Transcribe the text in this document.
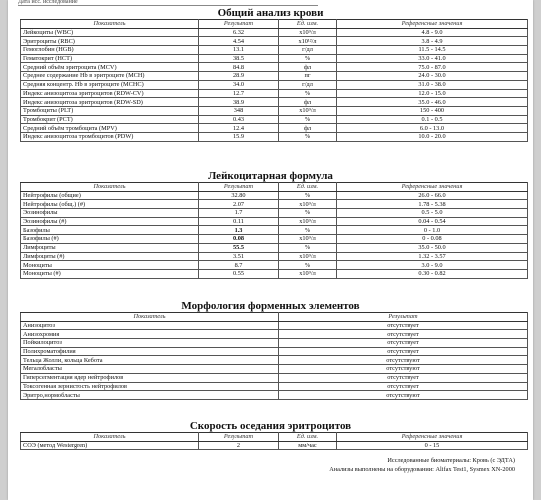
Дата исс. исследование
Общий анализ крови
Показатель	Результат	Ед. изм.	Референсные значения
Лейкоциты (WBC)	6.32	x10⁹/л	4.8 - 9.0
Эритроциты (RBC)	4.54	x10¹²/л	3.8 - 4.9
Гемоглобин (HGB)	13.1	г/дл	11.5 - 14.5
Гематокрит (HCT)	38.5	%	33.0 - 41.0
Средний объём эритроцита (MCV)	84.8	фл	75.0 - 87.0
Среднее содержание Hb в эритроците (MCH)	28.9	пг	24.0 - 30.0
Средняя концентр. Hb в эритроците (MCHC)	34.0	г/дл	31.0 - 38.0
Индекс анизоцитоза эритроцитов (RDW-CV)	12.7	%	12.0 - 15.0
Индекс анизоцитоза эритроцитов (RDW-SD)	38.9	фл	35.0 - 46.0
Тромбоциты (PLT)	348	x10⁹/л	150 - 400
Тромбокрит (PCT)	0.43	%	0.1 - 0.5
Средний объём тромбоцита (MPV)	12.4	фл	6.0 - 13.0
Индекс анизоцитоза тромбоцитов (PDW)	15.9	%	10.0 - 20.0
Лейкоцитарная формула
Показатель	Результат	Ед. изм.	Референсные значения
Нейтрофилы (общие)	32.80	%	26.0 - 66.0
Нейтрофилы (общ.) (#)	2.07	x10⁹/л	1.78 - 5.38
Эозинофилы	1.7	%	0.5 - 5.0
Эозинофилы (#)	0.11	x10⁹/л	0.04 - 0.54
Базофилы	1.3	%	0 - 1.0
Базофилы (#)	0.08	x10⁹/л	0 - 0.08
Лимфоциты	55.5	%	35.0 - 50.0
Лимфоциты (#)	3.51	x10⁹/л	1.32 - 3.57
Моноциты	8.7	%	3.0 - 9.0
Моноциты (#)	0.55	x10⁹/л	0.30 - 0.82
Морфология форменных элементов
Показатель	Результат
Анизоцитоз	отсутствует
Анизохромия	отсутствует
Пойкилоцитоз	отсутствует
Полихроматофилия	отсутствует
Тельца Жолли, кольца Кебота	отсутствуют
Мегалобласты	отсутствуют
Гиперсегментация ядер нейтрофилов	отсутствует
Токсогенная зернистость нейтрофилов	отсутствует
Эритро,нормобласты	отсутствуют
Скорость оседания эритроцитов
Показатель	Результат	Ед. изм.	Референсные значения
СОЭ (метод Westergren)	2	мм/час	0 - 15
Исследованные биоматериалы: Кровь (с ЭДТА)
Анализы выполнены на оборудовании: Alifax Test1, Sysmex XN-2000
